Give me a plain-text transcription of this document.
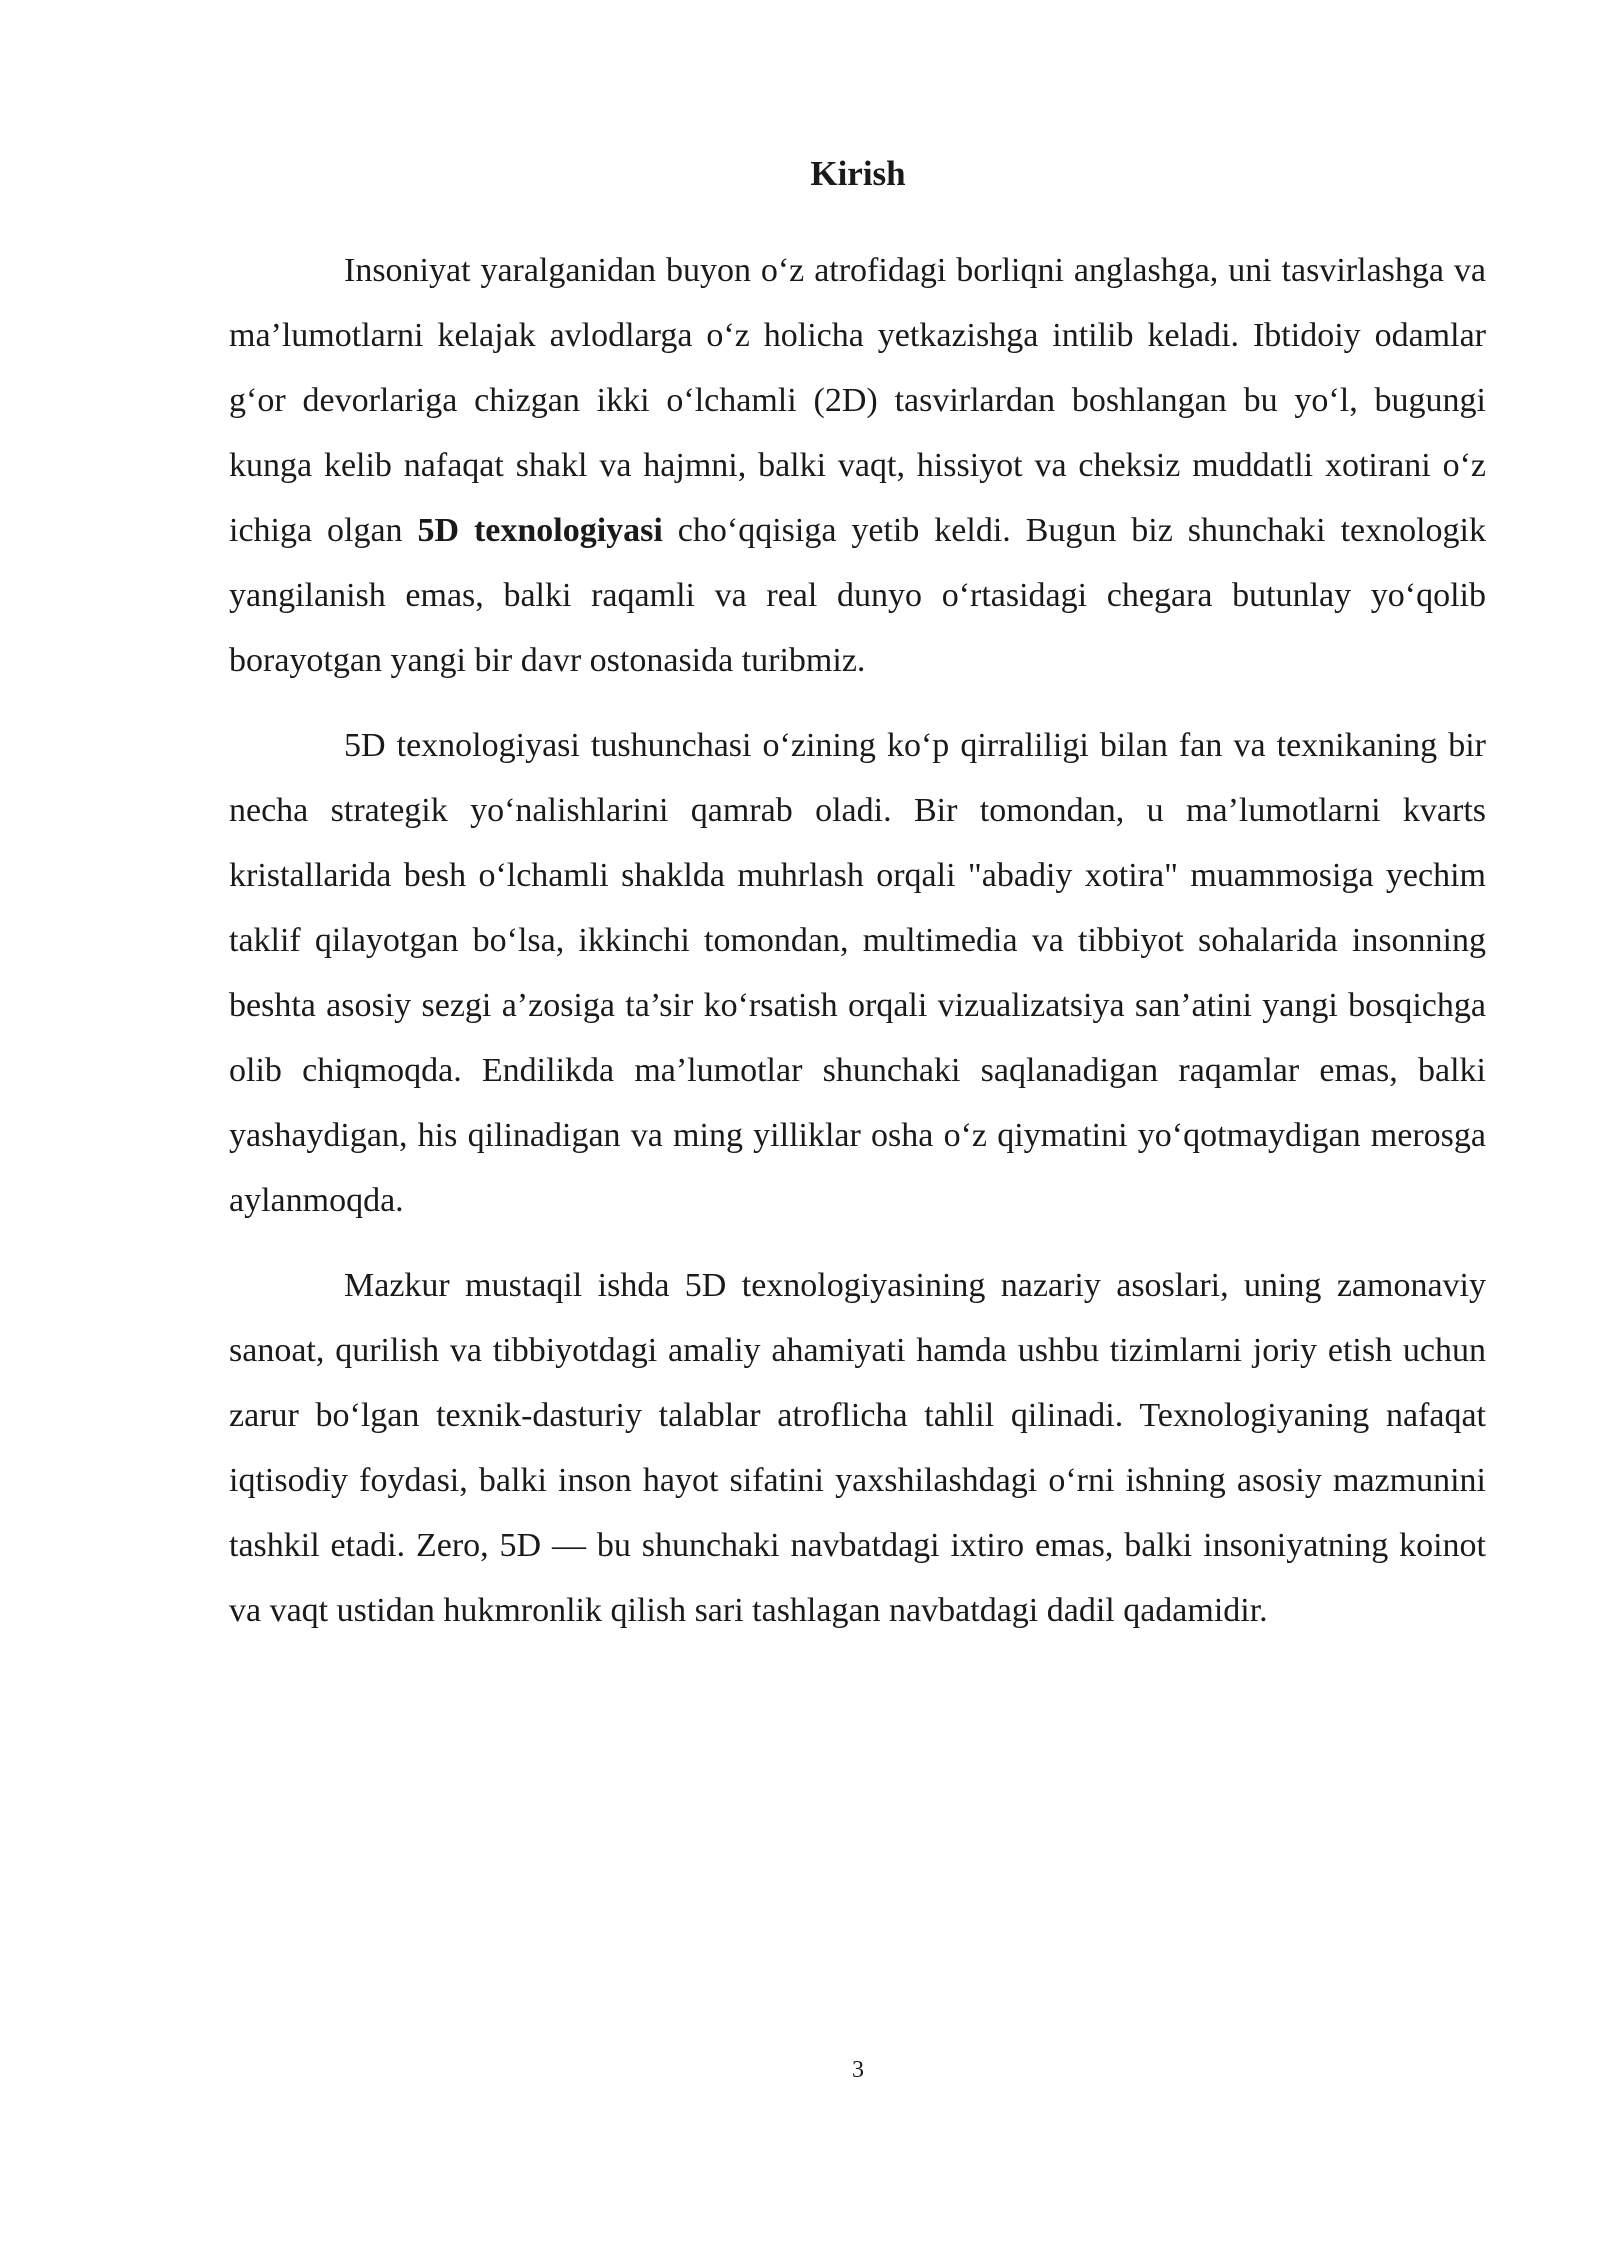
Kirish

Insoniyat yaralganidan buyon o‘z atrofidagi borliqni anglashga, uni tasvirlashga va ma’lumotlarni kelajak avlodlarga o‘z holicha yetkazishga intilib keladi. Ibtidoiy odamlar g‘or devorlariga chizgan ikki o‘lchamli (2D) tasvirlardan boshlangan bu yo‘l, bugungi kunga kelib nafaqat shakl va hajmni, balki vaqt, hissiyot va cheksiz muddatli xotirani o‘z ichiga olgan 5D texnologiyasi cho‘qqisiga yetib keldi. Bugun biz shunchaki texnologik yangilanish emas, balki raqamli va real dunyo o‘rtasidagi chegara butunlay yo‘qolib borayotgan yangi bir davr ostonasida turibmiz.

5D texnologiyasi tushunchasi o‘zining ko‘p qirraliligi bilan fan va texnikaning bir necha strategik yo‘nalishlarini qamrab oladi. Bir tomondan, u ma’lumotlarni kvarts kristallarida besh o‘lchamli shaklda muhrlash orqali "abadiy xotira" muammosiga yechim taklif qilayotgan bo‘lsa, ikkinchi tomondan, multimedia va tibbiyot sohalarida insonning beshta asosiy sezgi a’zosiga ta’sir ko‘rsatish orqali vizualizatsiya san’atini yangi bosqichga olib chiqmoqda. Endilikda ma’lumotlar shunchaki saqlanadigan raqamlar emas, balki yashaydigan, his qilinadigan va ming yilliklar osha o‘z qiymatini yo‘qotmaydigan merosga aylanmoqda.

Mazkur mustaqil ishda 5D texnologiyasining nazariy asoslari, uning zamonaviy sanoat, qurilish va tibbiyotdagi amaliy ahamiyati hamda ushbu tizimlarni joriy etish uchun zarur bo‘lgan texnik-dasturiy talablar atroflicha tahlil qilinadi. Texnologiyaning nafaqat iqtisodiy foydasi, balki inson hayot sifatini yaxshilashdagi o‘rni ishning asosiy mazmunini tashkil etadi. Zero, 5D — bu shunchaki navbatdagi ixtiro emas, balki insoniyatning koinot va vaqt ustidan hukmronlik qilish sari tashlagan navbatdagi dadil qadamidir.

3
